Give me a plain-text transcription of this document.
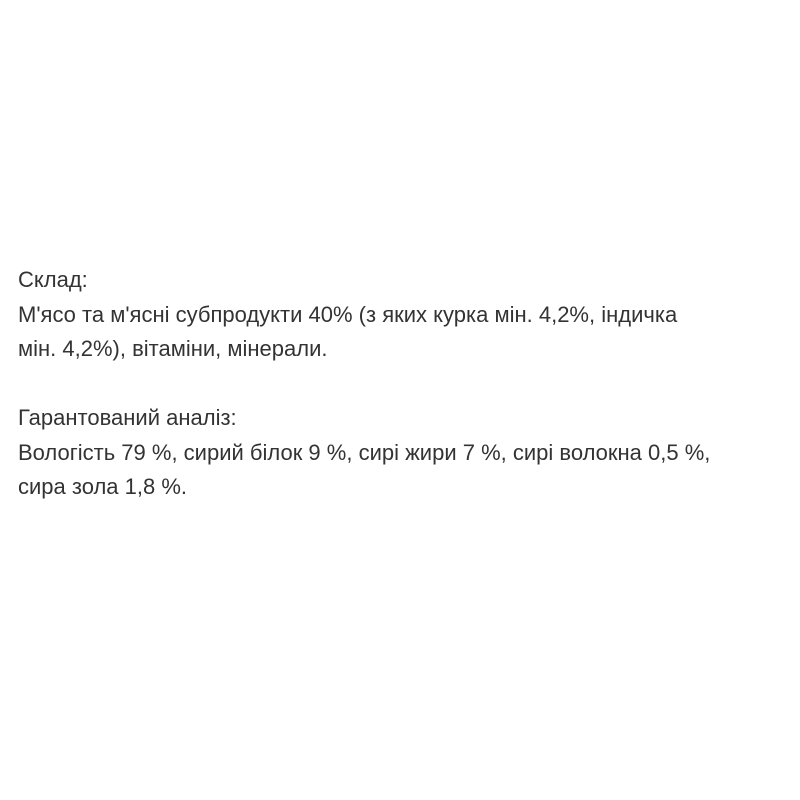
Склад:
М'ясо та м'ясні субпродукти 40% (з яких курка мін. 4,2%, індичка
мін. 4,2%), вітаміни, мінерали.
Гарантований аналіз:
Вологість 79 %, сирий білок 9 %, сирі жири 7 %, сирі волокна 0,5 %,
сира зола 1,8 %.
